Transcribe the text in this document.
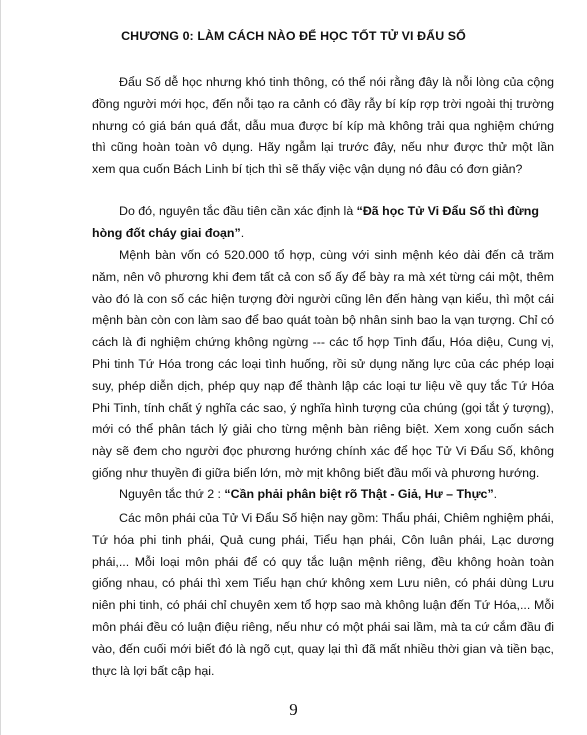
CHƯƠNG 0: LÀM CÁCH NÀO ĐỂ HỌC TỐT TỬ VI ĐẨU SỐ

Đẩu Số dễ học nhưng khó tinh thông, có thể nói rằng đây là nỗi lòng của cộng đồng người mới học, đến nỗi tạo ra cảnh có đầy rẫy bí kíp rợp trời ngoài thị trường nhưng có giá bán quá đắt, dẫu mua được bí kíp mà không trải qua nghiệm chứng thì cũng hoàn toàn vô dụng. Hãy ngẫm lại trước đây, nếu như được thử một lần xem qua cuốn Bách Linh bí tịch thì sẽ thấy việc vận dụng nó đâu có đơn giản?

Do đó, nguyên tắc đầu tiên cần xác định là “Đã học Tử Vi Đẩu Số thì đừng hòng đốt cháy giai đoạn”.

Mệnh bàn vốn có 520.000 tổ hợp, cùng với sinh mệnh kéo dài đến cả trăm năm, nên vô phương khi đem tất cả con số ấy để bày ra mà xét từng cái một, thêm vào đó là con số các hiện tượng đời người cũng lên đến hàng vạn kiểu, thì một cái mệnh bàn còn con làm sao để bao quát toàn bộ nhân sinh bao la vạn tượng. Chỉ có cách là đi nghiệm chứng không ngừng --- các tổ hợp Tinh đẩu, Hóa diệu, Cung vị, Phi tinh Tứ Hóa trong các loại tình huống, rồi sử dụng năng lực của các phép loại suy, phép diễn dịch, phép quy nạp để thành lập các loại tư liệu về quy tắc Tứ Hóa Phi Tinh, tính chất ý nghĩa các sao, ý nghĩa hình tượng của chúng (gọi tắt ý tượng), mới có thể phân tách lý giải cho từng mệnh bàn riêng biệt. Xem xong cuốn sách này sẽ đem cho người đọc phương hướng chính xác để học Tử Vi Đẩu Số, không giống như thuyền đi giữa biển lớn, mờ mịt không biết đầu mối và phương hướng.

Nguyên tắc thứ 2 : “Cần phải phân biệt rõ Thật - Giả, Hư – Thực”.

Các môn phái của Tử Vi Đẩu Số hiện nay gồm: Thẩu phái, Chiêm nghiệm phái, Tứ hóa phi tinh phái, Quả cung phái, Tiểu hạn phái, Côn luân phái, Lạc dương phái,... Mỗi loại môn phái để có quy tắc luận mệnh riêng, đều không hoàn toàn giống nhau, có phái thì xem Tiểu hạn chứ không xem Lưu niên, có phái dùng Lưu niên phi tinh, có phái chỉ chuyên xem tổ hợp sao mà không luận đến Tứ Hóa,... Mỗi môn phái đều có luận điệu riêng, nếu như có một phái sai lầm, mà ta cứ cắm đầu đi vào, đến cuối mới biết đó là ngõ cụt, quay lại thì đã mất nhiều thời gian và tiền bạc, thực là lợi bất cập hại.

9
